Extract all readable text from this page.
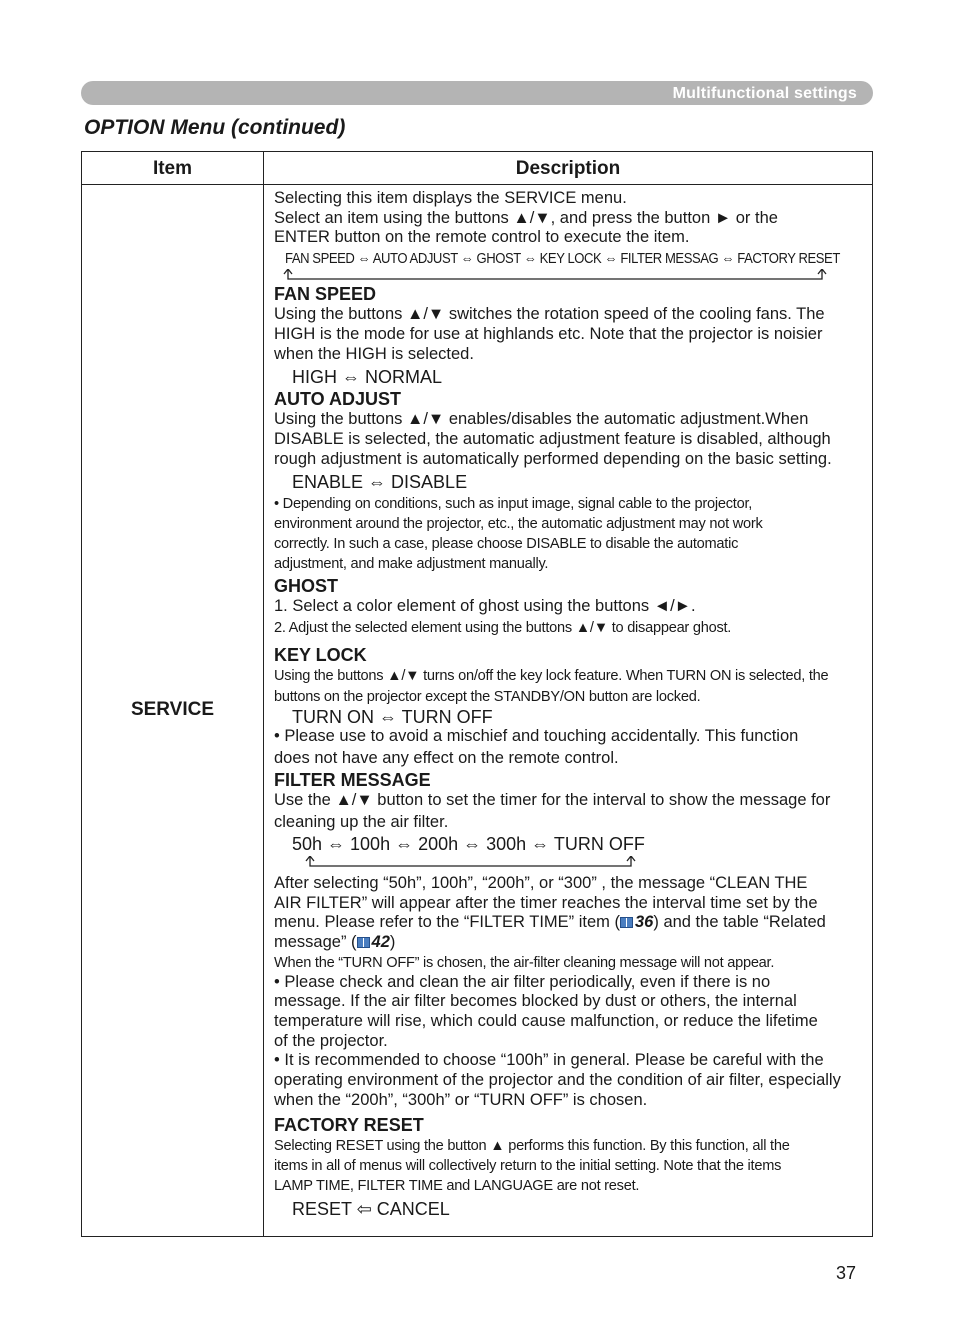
Multifunctional settings
OPTION Menu (continued)
Item	Description
SERVICE

Selecting this item displays the SERVICE menu.

Select an item using the buttons ▲/▼, and press the button ► or the

ENTER button on the remote control to execute the item.

FAN SPEED ⇔ AUTO ADJUST ⇔ GHOST ⇔ KEY LOCK ⇔ FILTER MESSAG ⇔ FACTORY RESET

FAN SPEED

Using the buttons ▲/▼ switches the rotation speed of the cooling fans. The

HIGH is the mode for use at highlands etc. Note that the projector is noisier

when the HIGH is selected.

HIGH ⇔ NORMAL

AUTO ADJUST

Using the buttons ▲/▼ enables/disables the automatic adjustment.When

DISABLE is selected, the automatic adjustment feature is disabled, although

rough adjustment is automatically performed depending on the basic setting.

ENABLE ⇔ DISABLE

• Depending on conditions, such as input image, signal cable to the projector,

environment around the projector, etc., the automatic adjustment may not work

correctly. In such a case, please choose DISABLE to disable the automatic

adjustment, and make adjustment manually.

GHOST

1. Select a color element of ghost using the buttons ◄/►.

2. Adjust the selected element using the buttons ▲/▼ to disappear ghost.

KEY LOCK

Using the buttons ▲/▼ turns on/off the key lock feature. When TURN ON is selected, the

buttons on the projector except the STANDBY/ON button are locked.

TURN ON ⇔ TURN OFF

• Please use to avoid a mischief and touching accidentally. This function

does not have any effect on the remote control.

FILTER MESSAGE

Use the ▲/▼ button to set the timer for the interval to show the message for

cleaning up the air filter.

50h ⇔ 100h ⇔ 200h ⇔ 300h ⇔ TURN OFF

After selecting “50h”, 100h”, “200h”, or “300” , the message “CLEAN THE

AIR FILTER” will appear after the timer reaches the interval time set by the

menu. Please refer to the “FILTER TIME” item ( 36) and the table “Related

message” ( 42)

When the “TURN OFF” is chosen, the air-filter cleaning message will not appear.

• Please check and clean the air filter periodically, even if there is no

message. If the air filter becomes blocked by dust or others, the internal

temperature will rise, which could cause malfunction, or reduce the lifetime

of the projector.

• It is recommended to choose “100h” in general. Please be careful with the

operating environment of the projector and the condition of air filter, especially

when the “200h”, “300h” or “TURN OFF” is chosen.

FACTORY RESET

Selecting RESET using the button ▲ performs this function. By this function, all the

items in all of menus will collectively return to the initial setting. Note that the items

LAMP TIME, FILTER TIME and LANGUAGE are not reset.

RESET ⇦ CANCEL

37
